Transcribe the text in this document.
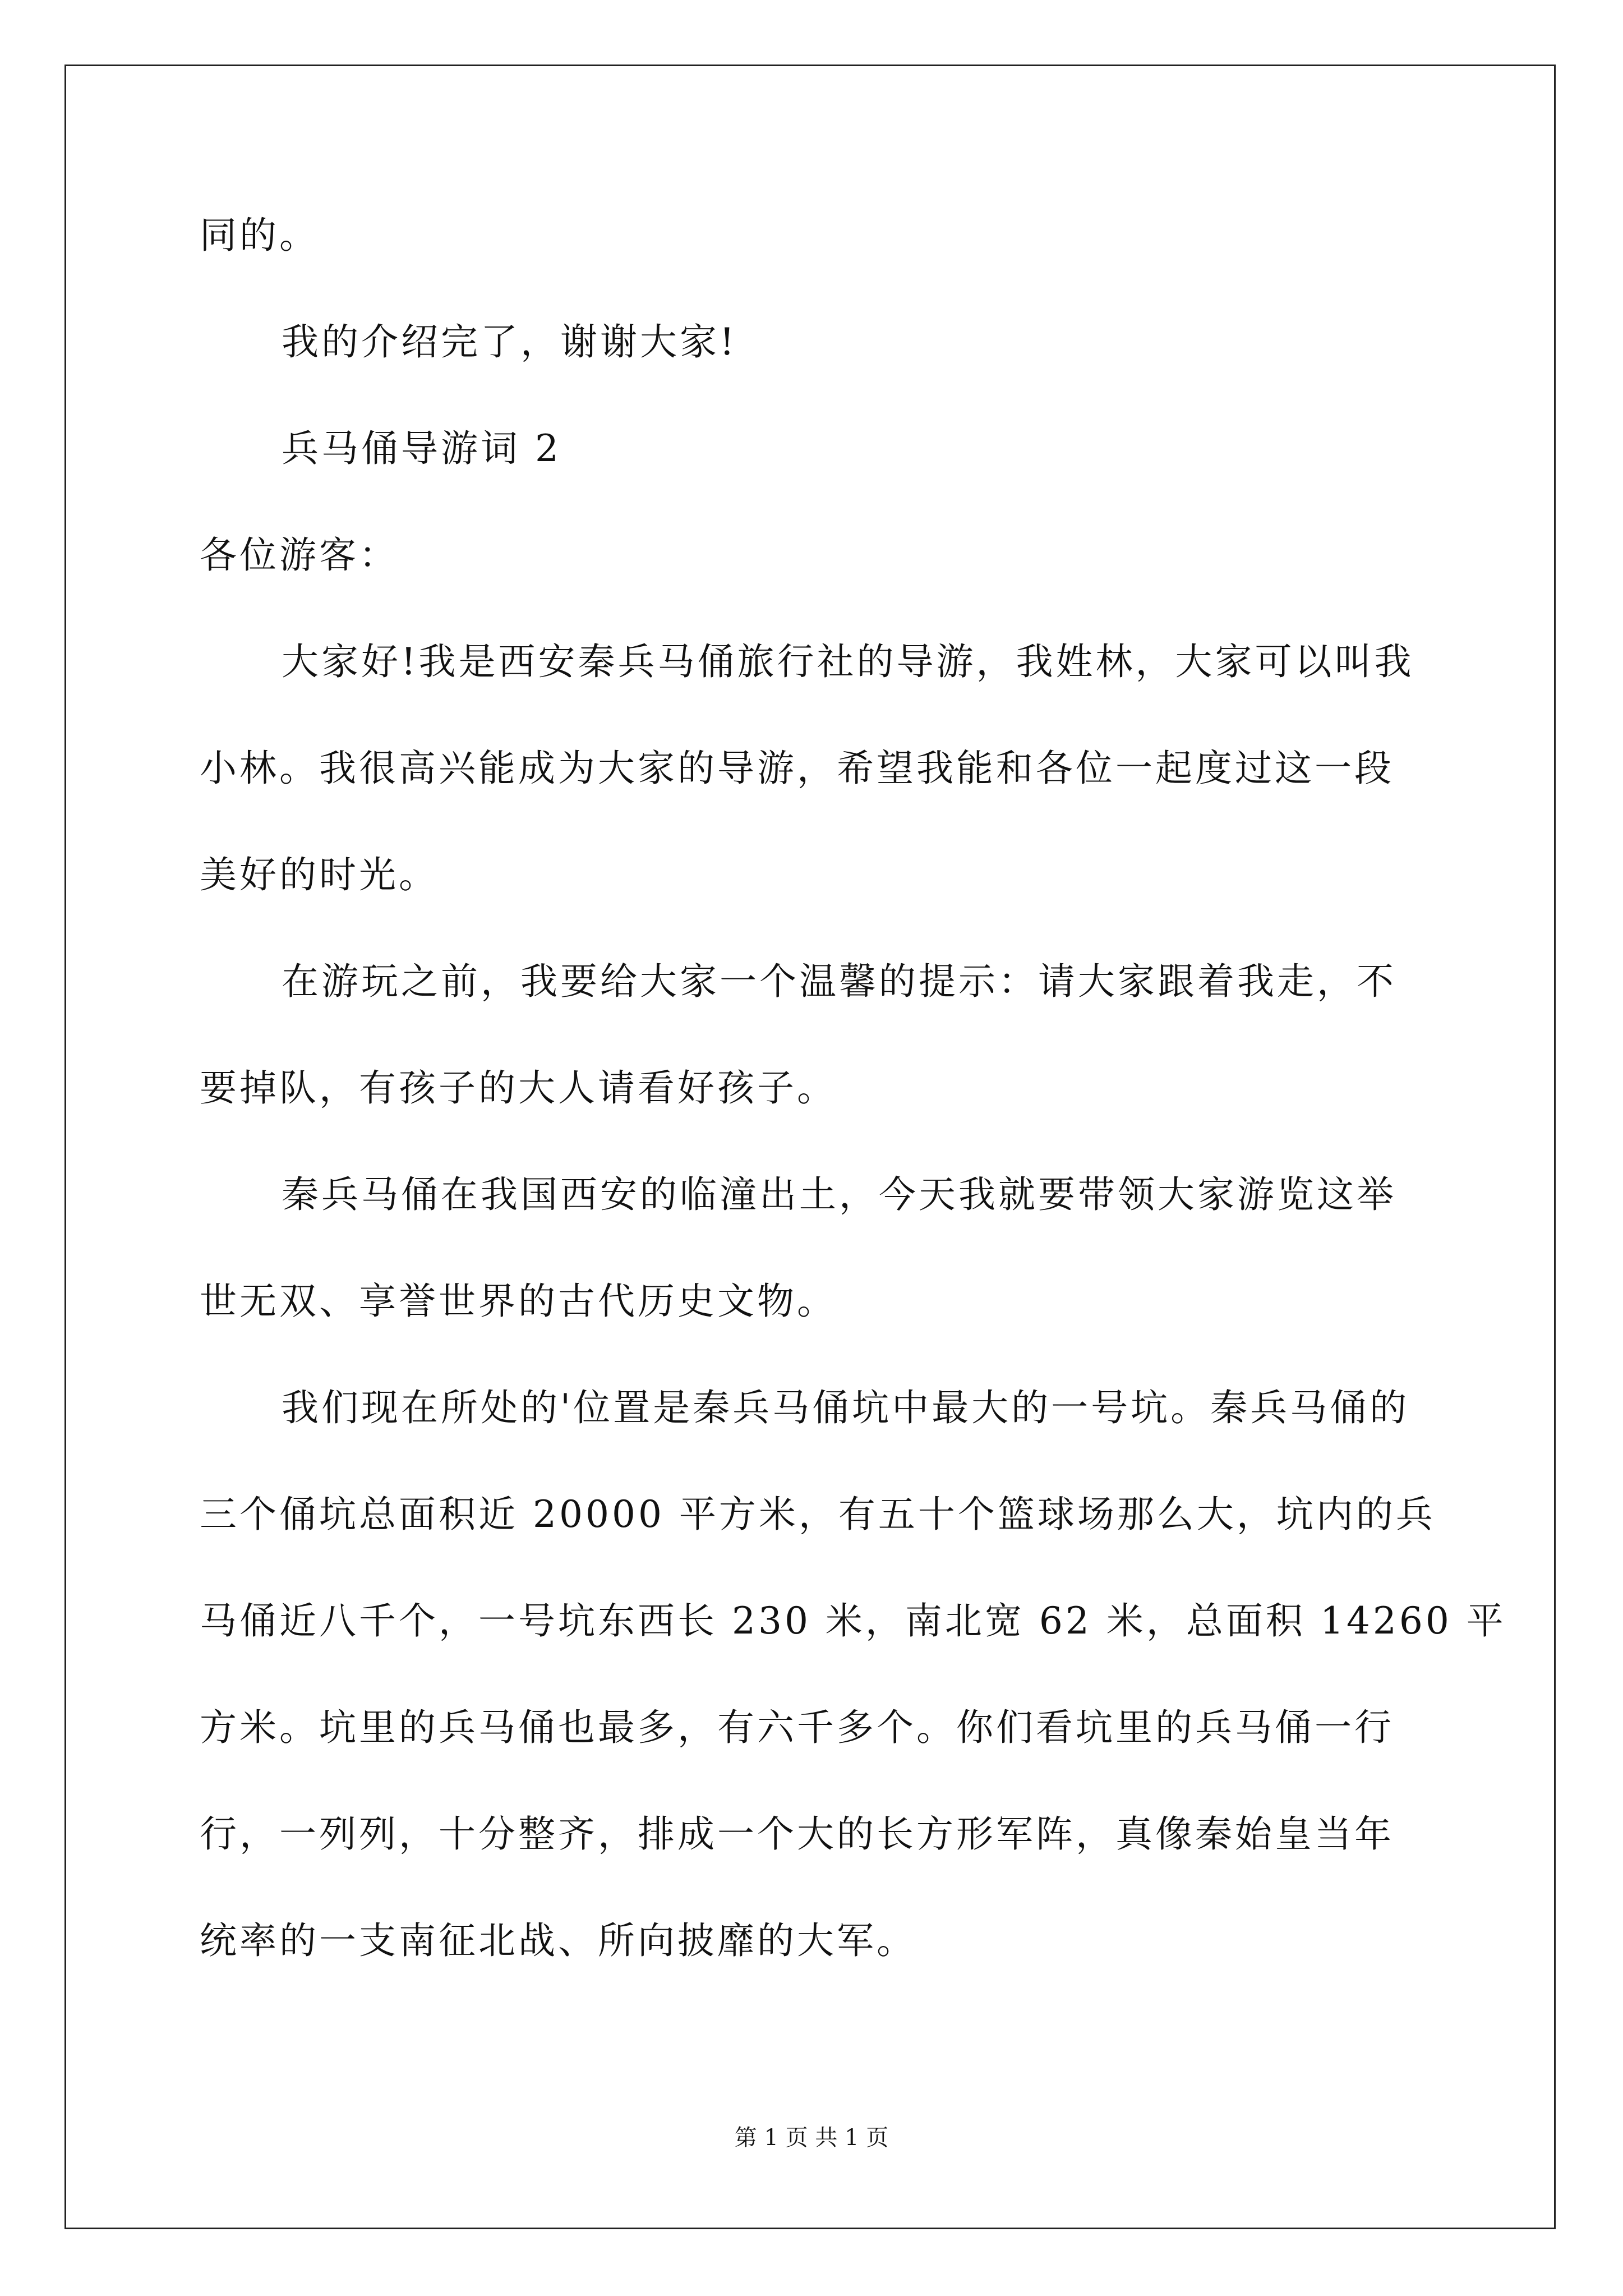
同的。
我的介绍完了，谢谢大家!
兵马俑导游词 2
各位游客：
大家好!我是西安秦兵马俑旅行社的导游，我姓林，大家可以叫我
小林。我很高兴能成为大家的导游，希望我能和各位一起度过这一段
美好的时光。
在游玩之前，我要给大家一个温馨的提示：请大家跟着我走，不
要掉队，有孩子的大人请看好孩子。
秦兵马俑在我国西安的临潼出土，今天我就要带领大家游览这举
世无双、享誉世界的古代历史文物。
我们现在所处的'位置是秦兵马俑坑中最大的一号坑。秦兵马俑的
三个俑坑总面积近 20000 平方米，有五十个篮球场那么大，坑内的兵
马俑近八千个，一号坑东西长 230 米，南北宽 62 米，总面积 14260 平
方米。坑里的兵马俑也最多，有六千多个。你们看坑里的兵马俑一行
行，一列列，十分整齐，排成一个大的长方形军阵，真像秦始皇当年
统率的一支南征北战、所向披靡的大军。
第 1 页 共 1 页
